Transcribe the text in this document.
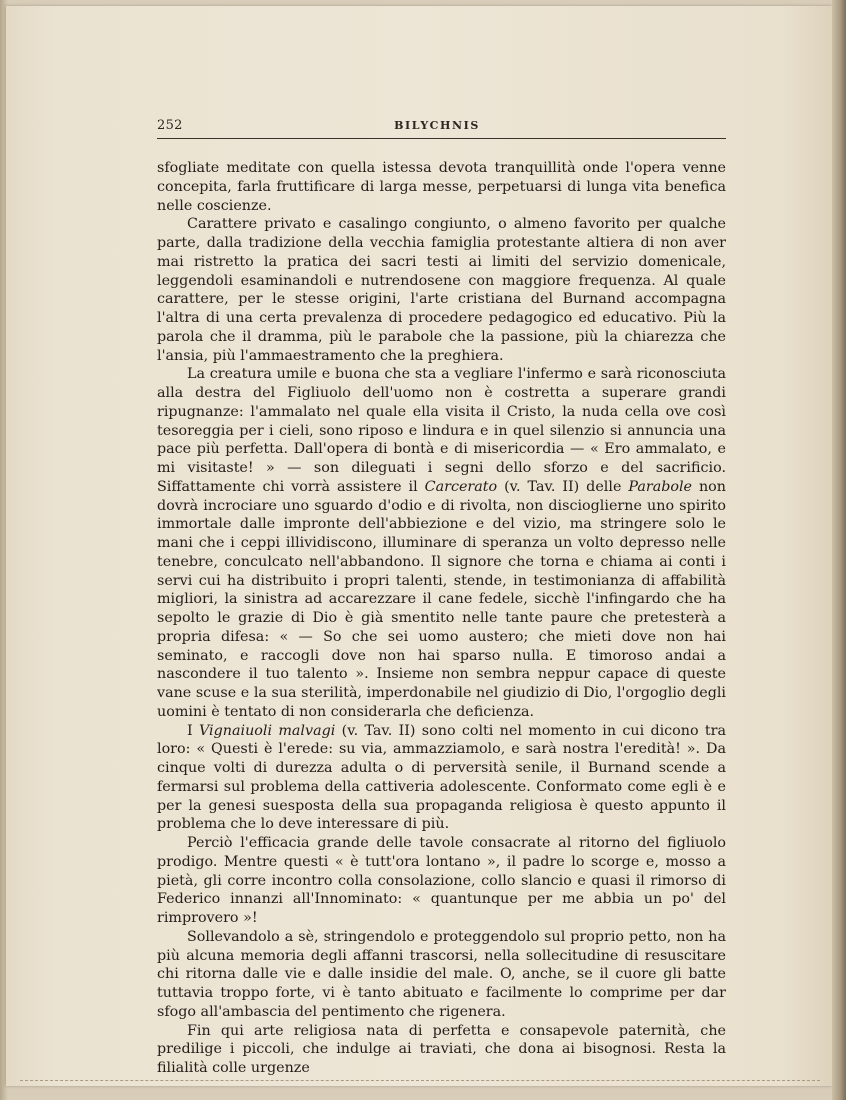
252	BILYCHNIS

sfogliate meditate con quella istessa devota tranquillità onde l'opera venne concepita, farla fruttificare di larga messe, perpetuarsi di lunga vita benefica nelle coscienze.

Carattere privato e casalingo congiunto, o almeno favorito per qualche parte, dalla tradizione della vecchia famiglia protestante altiera di non aver mai ristretto la pratica dei sacri testi ai limiti del servizio domenicale, leggendoli esaminandoli e nutrendosene con maggiore frequenza. Al quale carattere, per le stesse origini, l'arte cristiana del Burnand accompagna l'altra di una certa prevalenza di procedere pedagogico ed educativo. Più la parola che il dramma, più le parabole che la passione, più la chiarezza che l'ansia, più l'ammaestramento che la preghiera.

La creatura umile e buona che sta a vegliare l'infermo e sarà riconosciuta alla destra del Figliuolo dell'uomo non è costretta a superare grandi ripugnanze: l'ammalato nel quale ella visita il Cristo, la nuda cella ove così tesoreggia per i cieli, sono riposo e lindura e in quel silenzio si annuncia una pace più perfetta. Dall'opera di bontà e di misericordia — « Ero ammalato, e mi visitaste! » — son dileguati i segni dello sforzo e del sacrificio. Siffattamente chi vorrà assistere il Carcerato (v. Tav. II) delle Parabole non dovrà incrociare uno sguardo d'odio e di rivolta, non discioglierne uno spirito immortale dalle impronte dell'abbiezione e del vizio, ma stringere solo le mani che i ceppi illividiscono, illuminare di speranza un volto depresso nelle tenebre, conculcato nell'abbandono. Il signore che torna e chiama ai conti i servi cui ha distribuito i propri talenti, stende, in testimonianza di affabilità migliori, la sinistra ad accarezzare il cane fedele, sicchè l'infingardo che ha sepolto le grazie di Dio è già smentito nelle tante paure che pretesterà a propria difesa: « — So che sei uomo austero; che mieti dove non hai seminato, e raccogli dove non hai sparso nulla. E timoroso andai a nascondere il tuo talento ». Insieme non sembra neppur capace di queste vane scuse e la sua sterilità, imperdonabile nel giudizio di Dio, l'orgoglio degli uomini è tentato di non considerarla che deficienza.

I Vignaiuoli malvagi (v. Tav. II) sono colti nel momento in cui dicono tra loro: « Questi è l'erede: su via, ammazziamolo, e sarà nostra l'eredità! ». Da cinque volti di durezza adulta o di perversità senile, il Burnand scende a fermarsi sul problema della cattiveria adolescente. Conformato come egli è e per la genesi suesposta della sua propaganda religiosa è questo appunto il problema che lo deve interessare di più.

Perciò l'efficacia grande delle tavole consacrate al ritorno del figliuolo prodigo. Mentre questi « è tutt'ora lontano », il padre lo scorge e, mosso a pietà, gli corre incontro colla consolazione, collo slancio e quasi il rimorso di Federico innanzi all'Innominato: « quantunque per me abbia un po' del rimprovero »!

Sollevandolo a sè, stringendolo e proteggendolo sul proprio petto, non ha più alcuna memoria degli affanni trascorsi, nella sollecitudine di resuscitare chi ritorna dalle vie e dalle insidie del male. O, anche, se il cuore gli batte tuttavia troppo forte, vi è tanto abituato e facilmente lo comprime per dar sfogo all'ambascia del pentimento che rigenera.

Fin qui arte religiosa nata di perfetta e consapevole paternità, che predilige i piccoli, che indulge ai traviati, che dona ai bisognosi. Resta la filialità colle urgenze
